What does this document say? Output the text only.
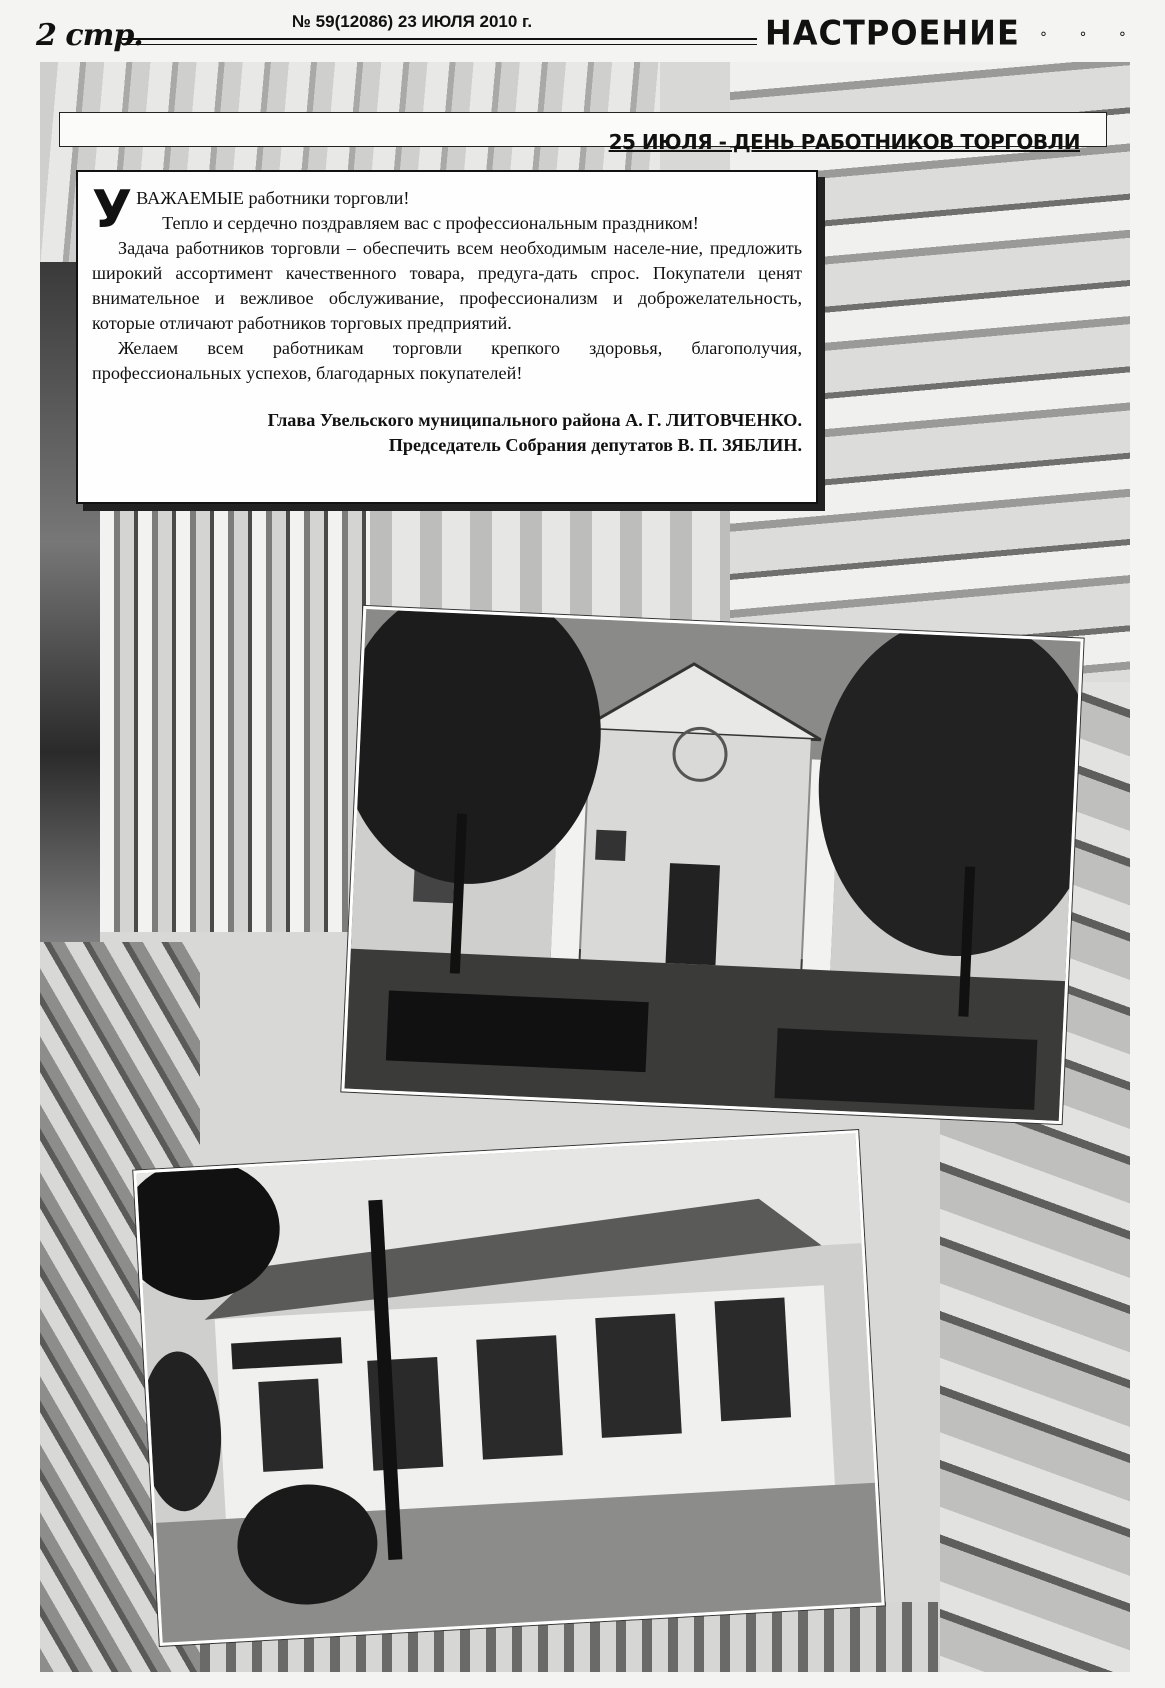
2 стр.	№ 59(12086) 23 ИЮЛЯ 2010 г.	НАСТРОЕНИЕ ° ° °
25 ИЮЛЯ - ДЕНЬ РАБОТНИКОВ ТОРГОВЛИ
У ВАЖАЕМЫЕ работники торговли!

Тепло и сердечно поздравляем вас с профессиональным праздником!

Задача работников торговли – обеспечить всем необходимым населе-ние, предложить широкий ассортимент качественного товара, предуга-дать спрос. Покупатели ценят внимательное и вежливое обслуживание, профессионализм и доброжелательность, которые отличают работников торговых предприятий.

Желаем всем работникам торговли крепкого здоровья, благополучия, профессиональных успехов, благодарных покупателей!

Глава Увельского муниципального района А. Г. ЛИТОВЧЕНКО.
Председатель Собрания депутатов В. П. ЗЯБЛИН.
